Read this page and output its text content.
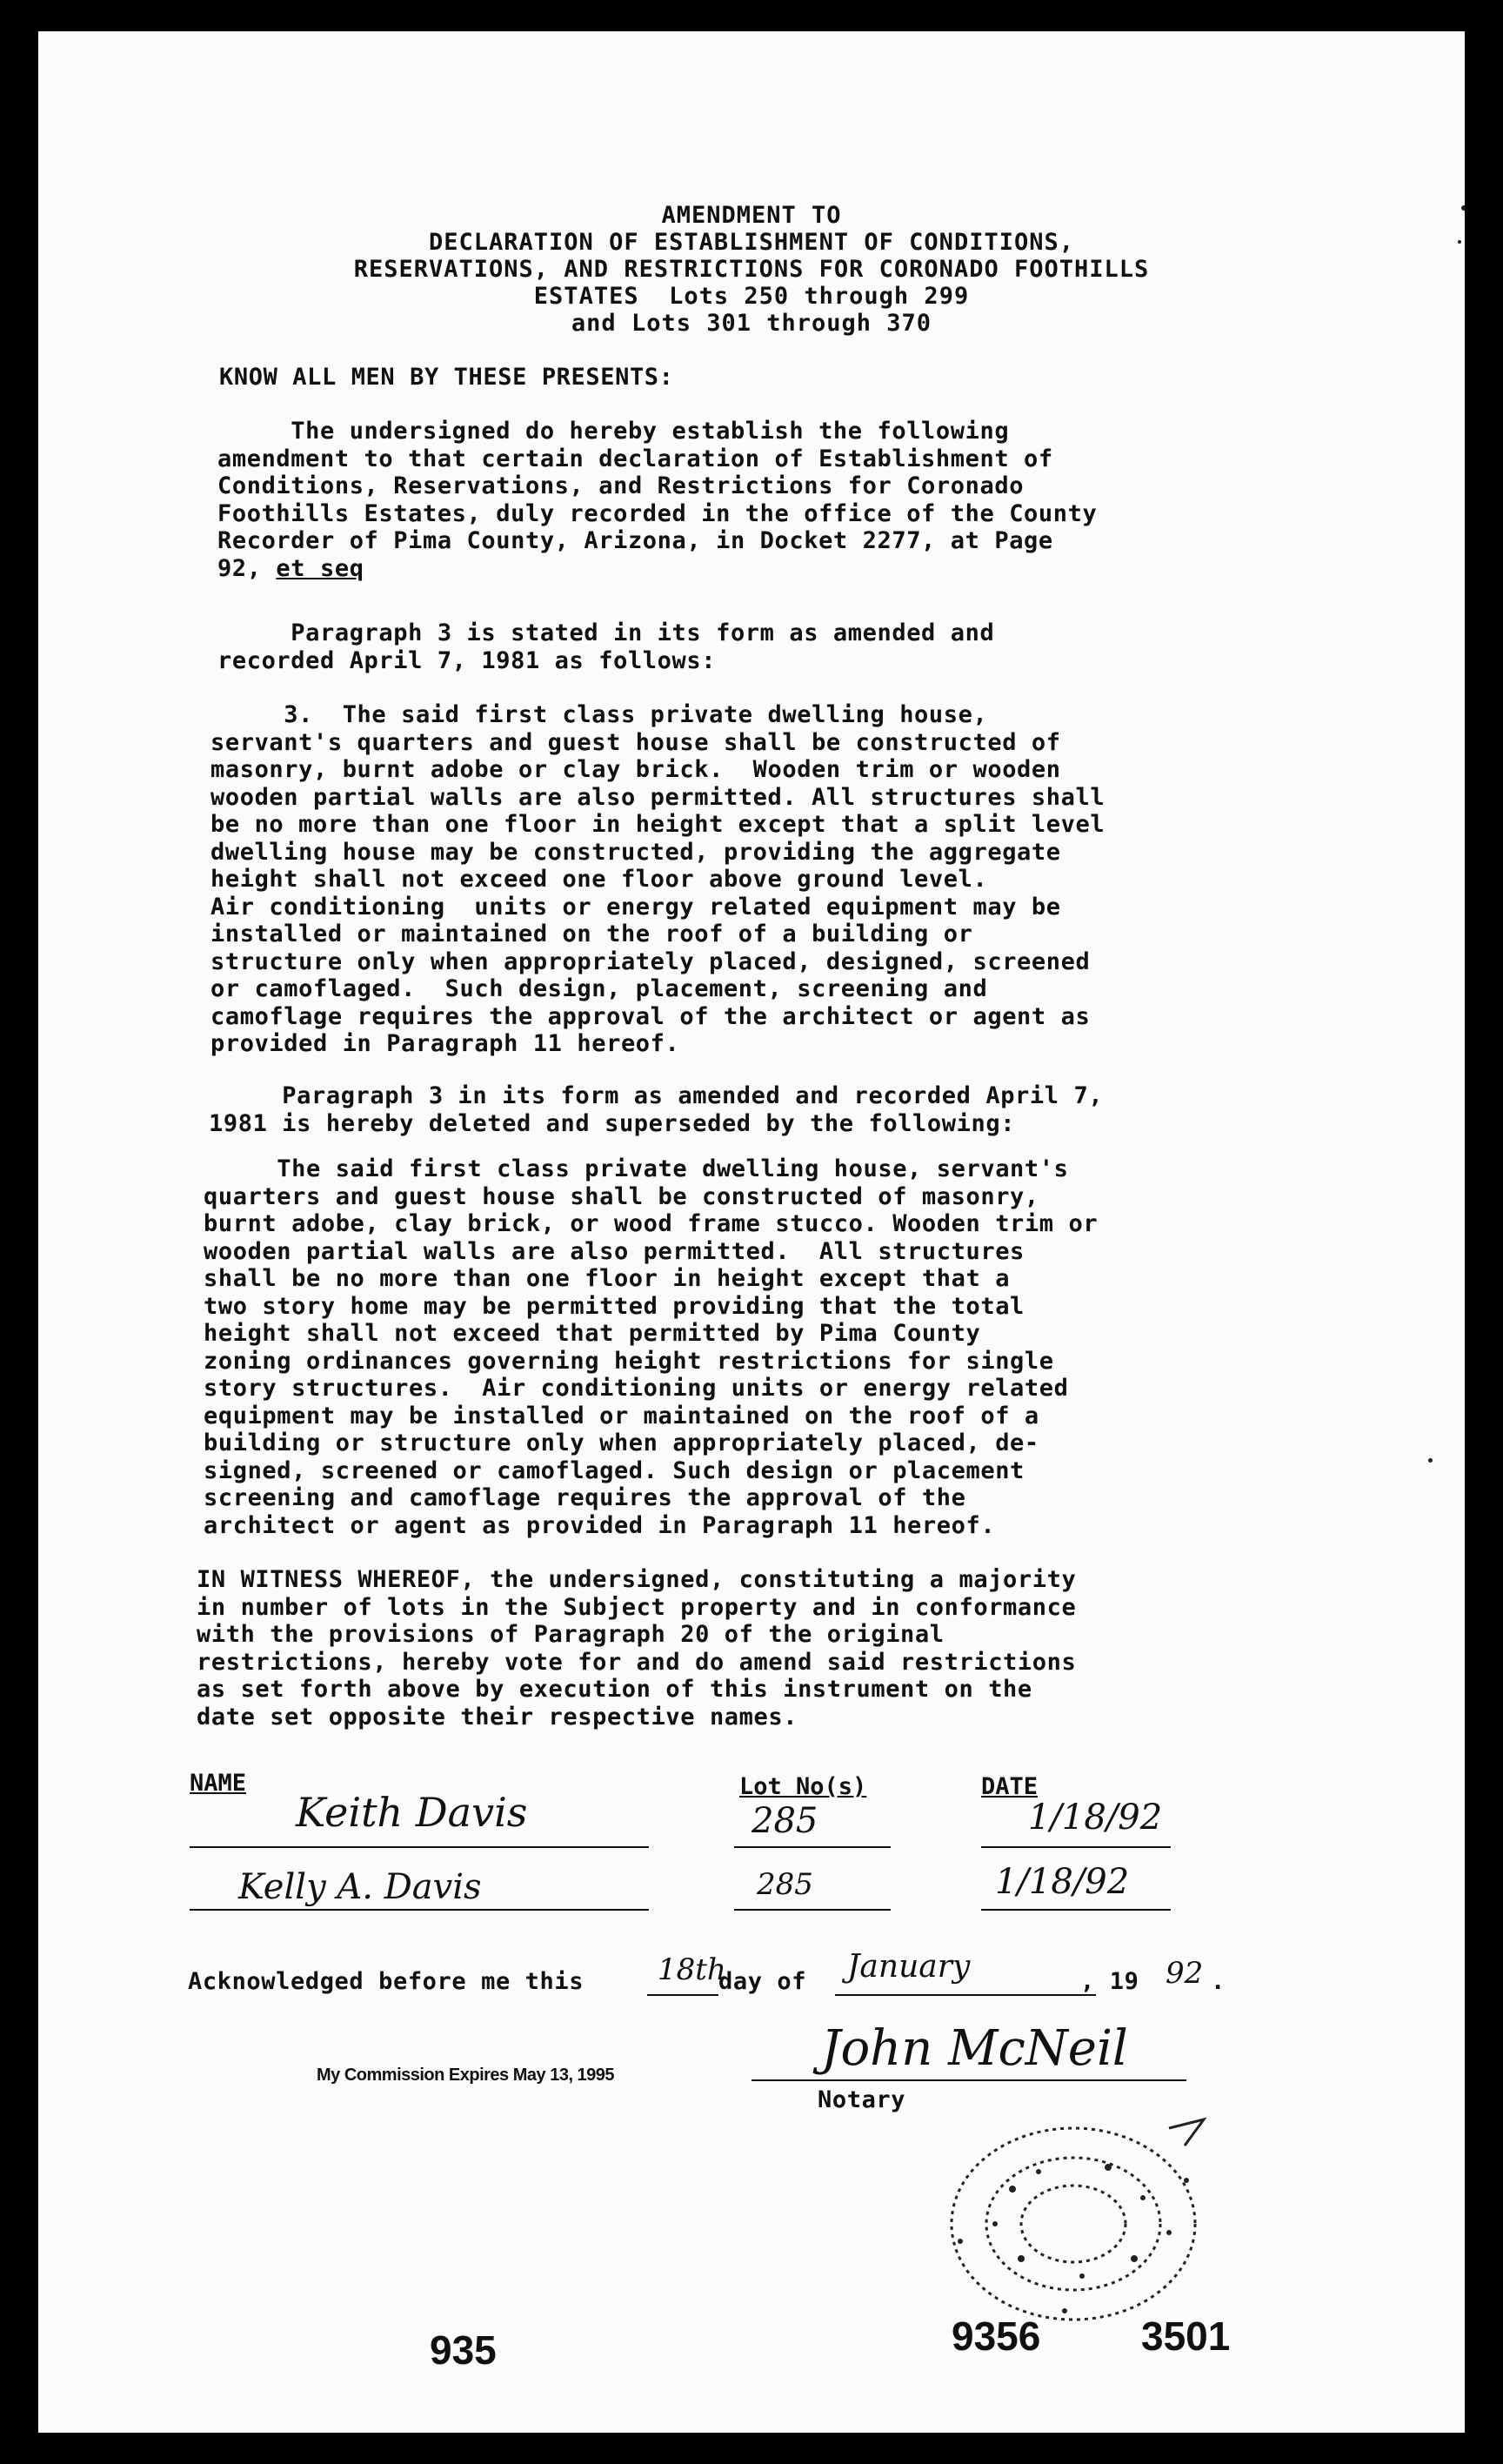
AMENDMENT TO
DECLARATION OF ESTABLISHMENT OF CONDITIONS,
RESERVATIONS, AND RESTRICTIONS FOR CORONADO FOOTHILLS
ESTATES  Lots 250 through 299
and Lots 301 through 370
KNOW ALL MEN BY THESE PRESENTS:
The undersigned do hereby establish the following
amendment to that certain declaration of Establishment of
Conditions, Reservations, and Restrictions for Coronado
Foothills Estates, duly recorded in the office of the County
Recorder of Pima County, Arizona, in Docket 2277, at Page
92, et seq
Paragraph 3 is stated in its form as amended and
recorded April 7, 1981 as follows:
3.  The said first class private dwelling house,
servant's quarters and guest house shall be constructed of
masonry, burnt adobe or clay brick.  Wooden trim or wooden
wooden partial walls are also permitted. All structures shall
be no more than one floor in height except that a split level
dwelling house may be constructed, providing the aggregate
height shall not exceed one floor above ground level.
Air conditioning  units or energy related equipment may be
installed or maintained on the roof of a building or
structure only when appropriately placed, designed, screened
or camoflaged.  Such design, placement, screening and
camoflage requires the approval of the architect or agent as
provided in Paragraph 11 hereof.
Paragraph 3 in its form as amended and recorded April 7,
1981 is hereby deleted and superseded by the following:
The said first class private dwelling house, servant's
quarters and guest house shall be constructed of masonry,
burnt adobe, clay brick, or wood frame stucco. Wooden trim or
wooden partial walls are also permitted.  All structures
shall be no more than one floor in height except that a
two story home may be permitted providing that the total
height shall not exceed that permitted by Pima County
zoning ordinances governing height restrictions for single
story structures.  Air conditioning units or energy related
equipment may be installed or maintained on the roof of a
building or structure only when appropriately placed, de-
signed, screened or camoflaged. Such design or placement
screening and camoflage requires the approval of the
architect or agent as provided in Paragraph 11 hereof.
IN WITNESS WHEREOF, the undersigned, constituting a majority
in number of lots in the Subject property and in conformance
with the provisions of Paragraph 20 of the original
restrictions, hereby vote for and do amend said restrictions
as set forth above by execution of this instrument on the
date set opposite their respective names.
NAME	Lot No(s)	DATE
Keith Davis	285	1/18/92
Kelly A. Davis	285	1/18/92
Acknowledged before me this 18th
day of January	, 19 92 .
My Commission Expires May 13, 1995	John McNeil
Notary
935	9356	3501
